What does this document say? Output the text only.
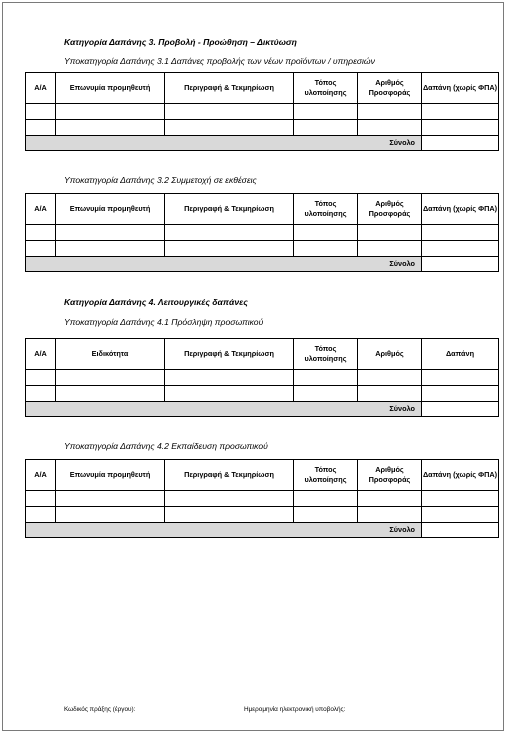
Κατηγορία Δαπάνης 3. Προβολή - Προώθηση – Δικτύωση
Υποκατηγορία Δαπάνης 3.1 Δαπάνες προβολής των νέων προϊόντων / υπηρεσιών
Α/Α	Επωνυμία προμηθευτή	Περιγραφή & Τεκμηρίωση	Τόπος υλοποίησης	Αριθμός Προσφοράς	Δαπάνη (χωρίς ΦΠΑ)

Σύνολο					
Υποκατηγορία Δαπάνης 3.2 Συμμετοχή σε εκθέσεις
Α/Α	Επωνυμία προμηθευτή	Περιγραφή & Τεκμηρίωση	Τόπος υλοποίησης	Αριθμός Προσφοράς	Δαπάνη (χωρίς ΦΠΑ)

Σύνολο					
Κατηγορία Δαπάνης 4. Λειτουργικές δαπάνες
Υποκατηγορία Δαπάνης 4.1 Πρόσληψη προσωπικού
Α/Α	Ειδικότητα	Περιγραφή & Τεκμηρίωση	Τόπος υλοποίησης	Αριθμός	Δαπάνη

Σύνολο					
Υποκατηγορία Δαπάνης 4.2 Εκπαίδευση προσωπικού
Α/Α	Επωνυμία προμηθευτή	Περιγραφή & Τεκμηρίωση	Τόπος υλοποίησης	Αριθμός Προσφοράς	Δαπάνη (χωρίς ΦΠΑ)

Σύνολο					
Κωδικός πράξης (έργου):	Ημερομηνία ηλεκτρονική υποβολής:
